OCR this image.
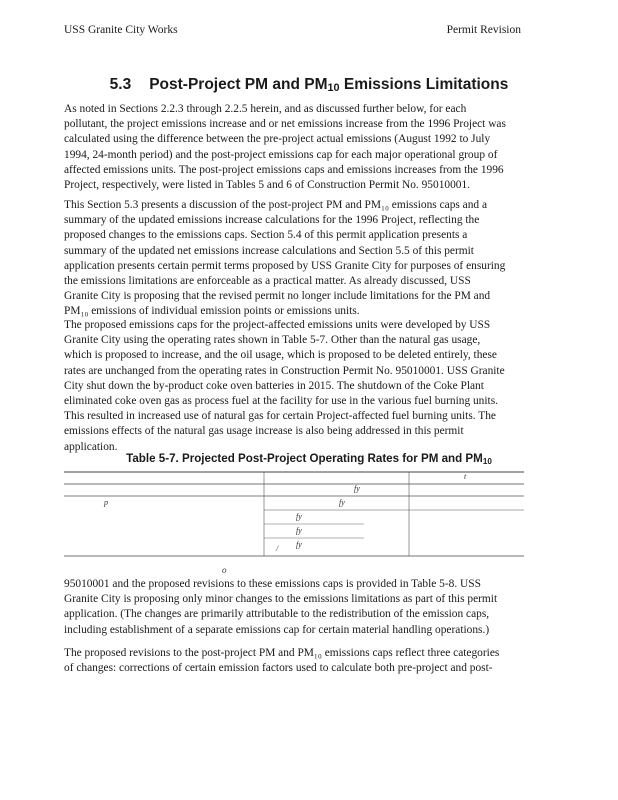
USS Granite City Works	Permit Revision
5.3 Post-Project PM and $PM_{10}$ Emissions Limitations
As noted in Sections 2.2.3 through 2.2.5 herein, and as discussed further below, for each
pollutant, the project emissions increase and or net emissions increase from the 1996 Project was
calculated using the difference between the pre-project actual emissions (August 1992 to July
1994, 24-month period) and the post-project emissions cap for each major operational group of
affected emissions units. The post-project emissions caps and emissions increases from the 1996
Project, respectively, were listed in Tables 5 and 6 of Construction Permit No. 95010001.
This Section 5.3 presents a discussion of the post-project PM and PM₁₀ emissions caps and a
summary of the updated emissions increase calculations for the 1996 Project, reflecting the
proposed changes to the emissions caps. Section 5.4 of this permit application presents a
summary of the updated net emissions increase calculations and Section 5.5 of this permit
application presents certain permit terms proposed by USS Granite City for purposes of ensuring
the emissions limitations are enforceable as a practical matter. As already discussed, USS
Granite City is proposing that the revised permit no longer include limitations for the PM and
PM₁₀ emissions of individual emission points or emissions units.
The proposed emissions caps for the project-affected emissions units were developed by USS
Granite City using the operating rates shown in Table 5-7. Other than the natural gas usage,
which is proposed to increase, and the oil usage, which is proposed to be deleted entirely, these
rates are unchanged from the operating rates in Construction Permit No. 95010001. USS Granite
City shut down the by-product coke oven batteries in 2015. The shutdown of the Coke Plant
eliminated coke oven gas as process fuel at the facility for use in the various fuel burning units.
This resulted in increased use of natural gas for certain Project-affected fuel burning units. The
emissions effects of the natural gas usage increase is also being addressed in this permit
application.
Table 5-7. Projected Post-Project Operating Rates for PM and $PM_{10}$
t
fy
p	fy
fy
fy
fy
/
o
95010001 and the proposed revisions to these emissions caps is provided in Table 5-8. USS
Granite City is proposing only minor changes to the emissions limitations as part of this permit
application. (The changes are primarily attributable to the redistribution of the emission caps,
including establishment of a separate emissions cap for certain material handling operations.)
The proposed revisions to the post-project PM and PM₁₀ emissions caps reflect three categories
of changes: corrections of certain emission factors used to calculate both pre-project and post-
